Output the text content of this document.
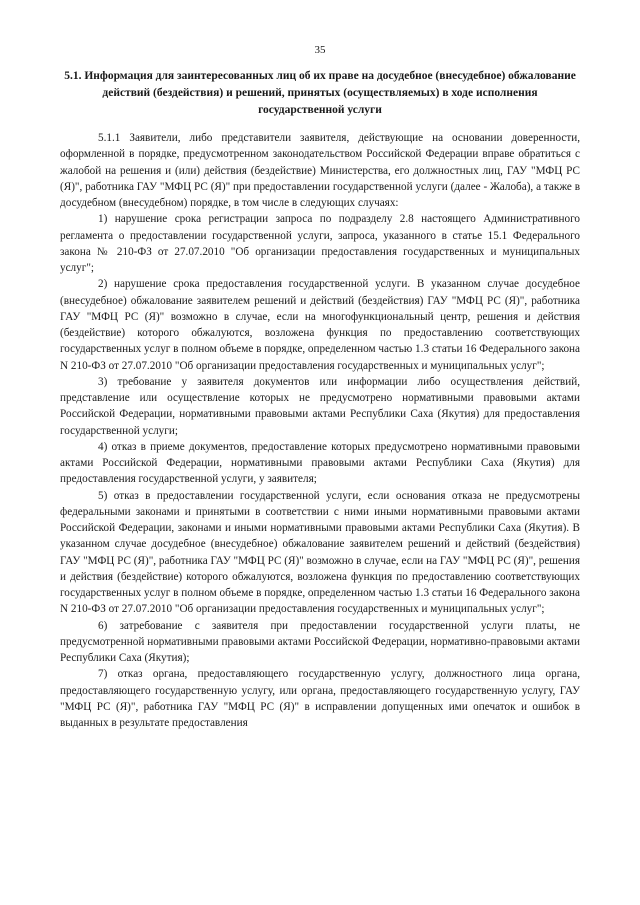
35
5.1. Информация для заинтересованных лиц об их праве на досудебное (внесудебное) обжалование действий (бездействия) и решений, принятых (осуществляемых) в ходе исполнения государственной услуги

5.1.1 Заявители, либо представители заявителя, действующие на основании доверенности, оформленной в порядке, предусмотренном законодательством Российской Федерации вправе обратиться с жалобой на решения и (или) действия (бездействие) Министерства, его должностных лиц, ГАУ "МФЦ РС (Я)", работника ГАУ "МФЦ РС (Я)" при предоставлении государственной услуги (далее - Жалоба), а также в досудебном (внесудебном) порядке, в том числе в следующих случаях:

1) нарушение срока регистрации запроса по подразделу 2.8 настоящего Административного регламента о предоставлении государственной услуги, запроса, указанного в статье 15.1 Федерального закона № 210-ФЗ от 27.07.2010 "Об организации предоставления государственных и муниципальных услуг";

2) нарушение срока предоставления государственной услуги. В указанном случае досудебное (внесудебное) обжалование заявителем решений и действий (бездействия) ГАУ "МФЦ РС (Я)", работника ГАУ "МФЦ РС (Я)" возможно в случае, если на многофункциональный центр, решения и действия (бездействие) которого обжалуются, возложена функция по предоставлению соответствующих государственных услуг в полном объеме в порядке, определенном частью 1.3 статьи 16 Федерального закона N 210-ФЗ от 27.07.2010 "Об организации предоставления государственных и муниципальных услуг";

3) требование у заявителя документов или информации либо осуществления действий, представление или осуществление которых не предусмотрено нормативными правовыми актами Российской Федерации, нормативными правовыми актами Республики Саха (Якутия) для предоставления государственной услуги;

4) отказ в приеме документов, предоставление которых предусмотрено нормативными правовыми актами Российской Федерации, нормативными правовыми актами Республики Саха (Якутия) для предоставления государственной услуги, у заявителя;

5) отказ в предоставлении государственной услуги, если основания отказа не предусмотрены федеральными законами и принятыми в соответствии с ними иными нормативными правовыми актами Российской Федерации, законами и иными нормативными правовыми актами Республики Саха (Якутия). В указанном случае досудебное (внесудебное) обжалование заявителем решений и действий (бездействия) ГАУ "МФЦ РС (Я)", работника ГАУ "МФЦ РС (Я)" возможно в случае, если на ГАУ "МФЦ РС (Я)", решения и действия (бездействие) которого обжалуются, возложена функция по предоставлению соответствующих государственных услуг в полном объеме в порядке, определенном частью 1.3 статьи 16 Федерального закона N 210-ФЗ от 27.07.2010 "Об организации предоставления государственных и муниципальных услуг";

6) затребование с заявителя при предоставлении государственной услуги платы, не предусмотренной нормативными правовыми актами Российской Федерации, нормативно-правовыми актами Республики Саха (Якутия);

7) отказ органа, предоставляющего государственную услугу, должностного лица органа, предоставляющего государственную услугу, или органа, предоставляющего государственную услугу, ГАУ "МФЦ РС (Я)", работника ГАУ "МФЦ РС (Я)" в исправлении допущенных ими опечаток и ошибок в выданных в результате предоставления
